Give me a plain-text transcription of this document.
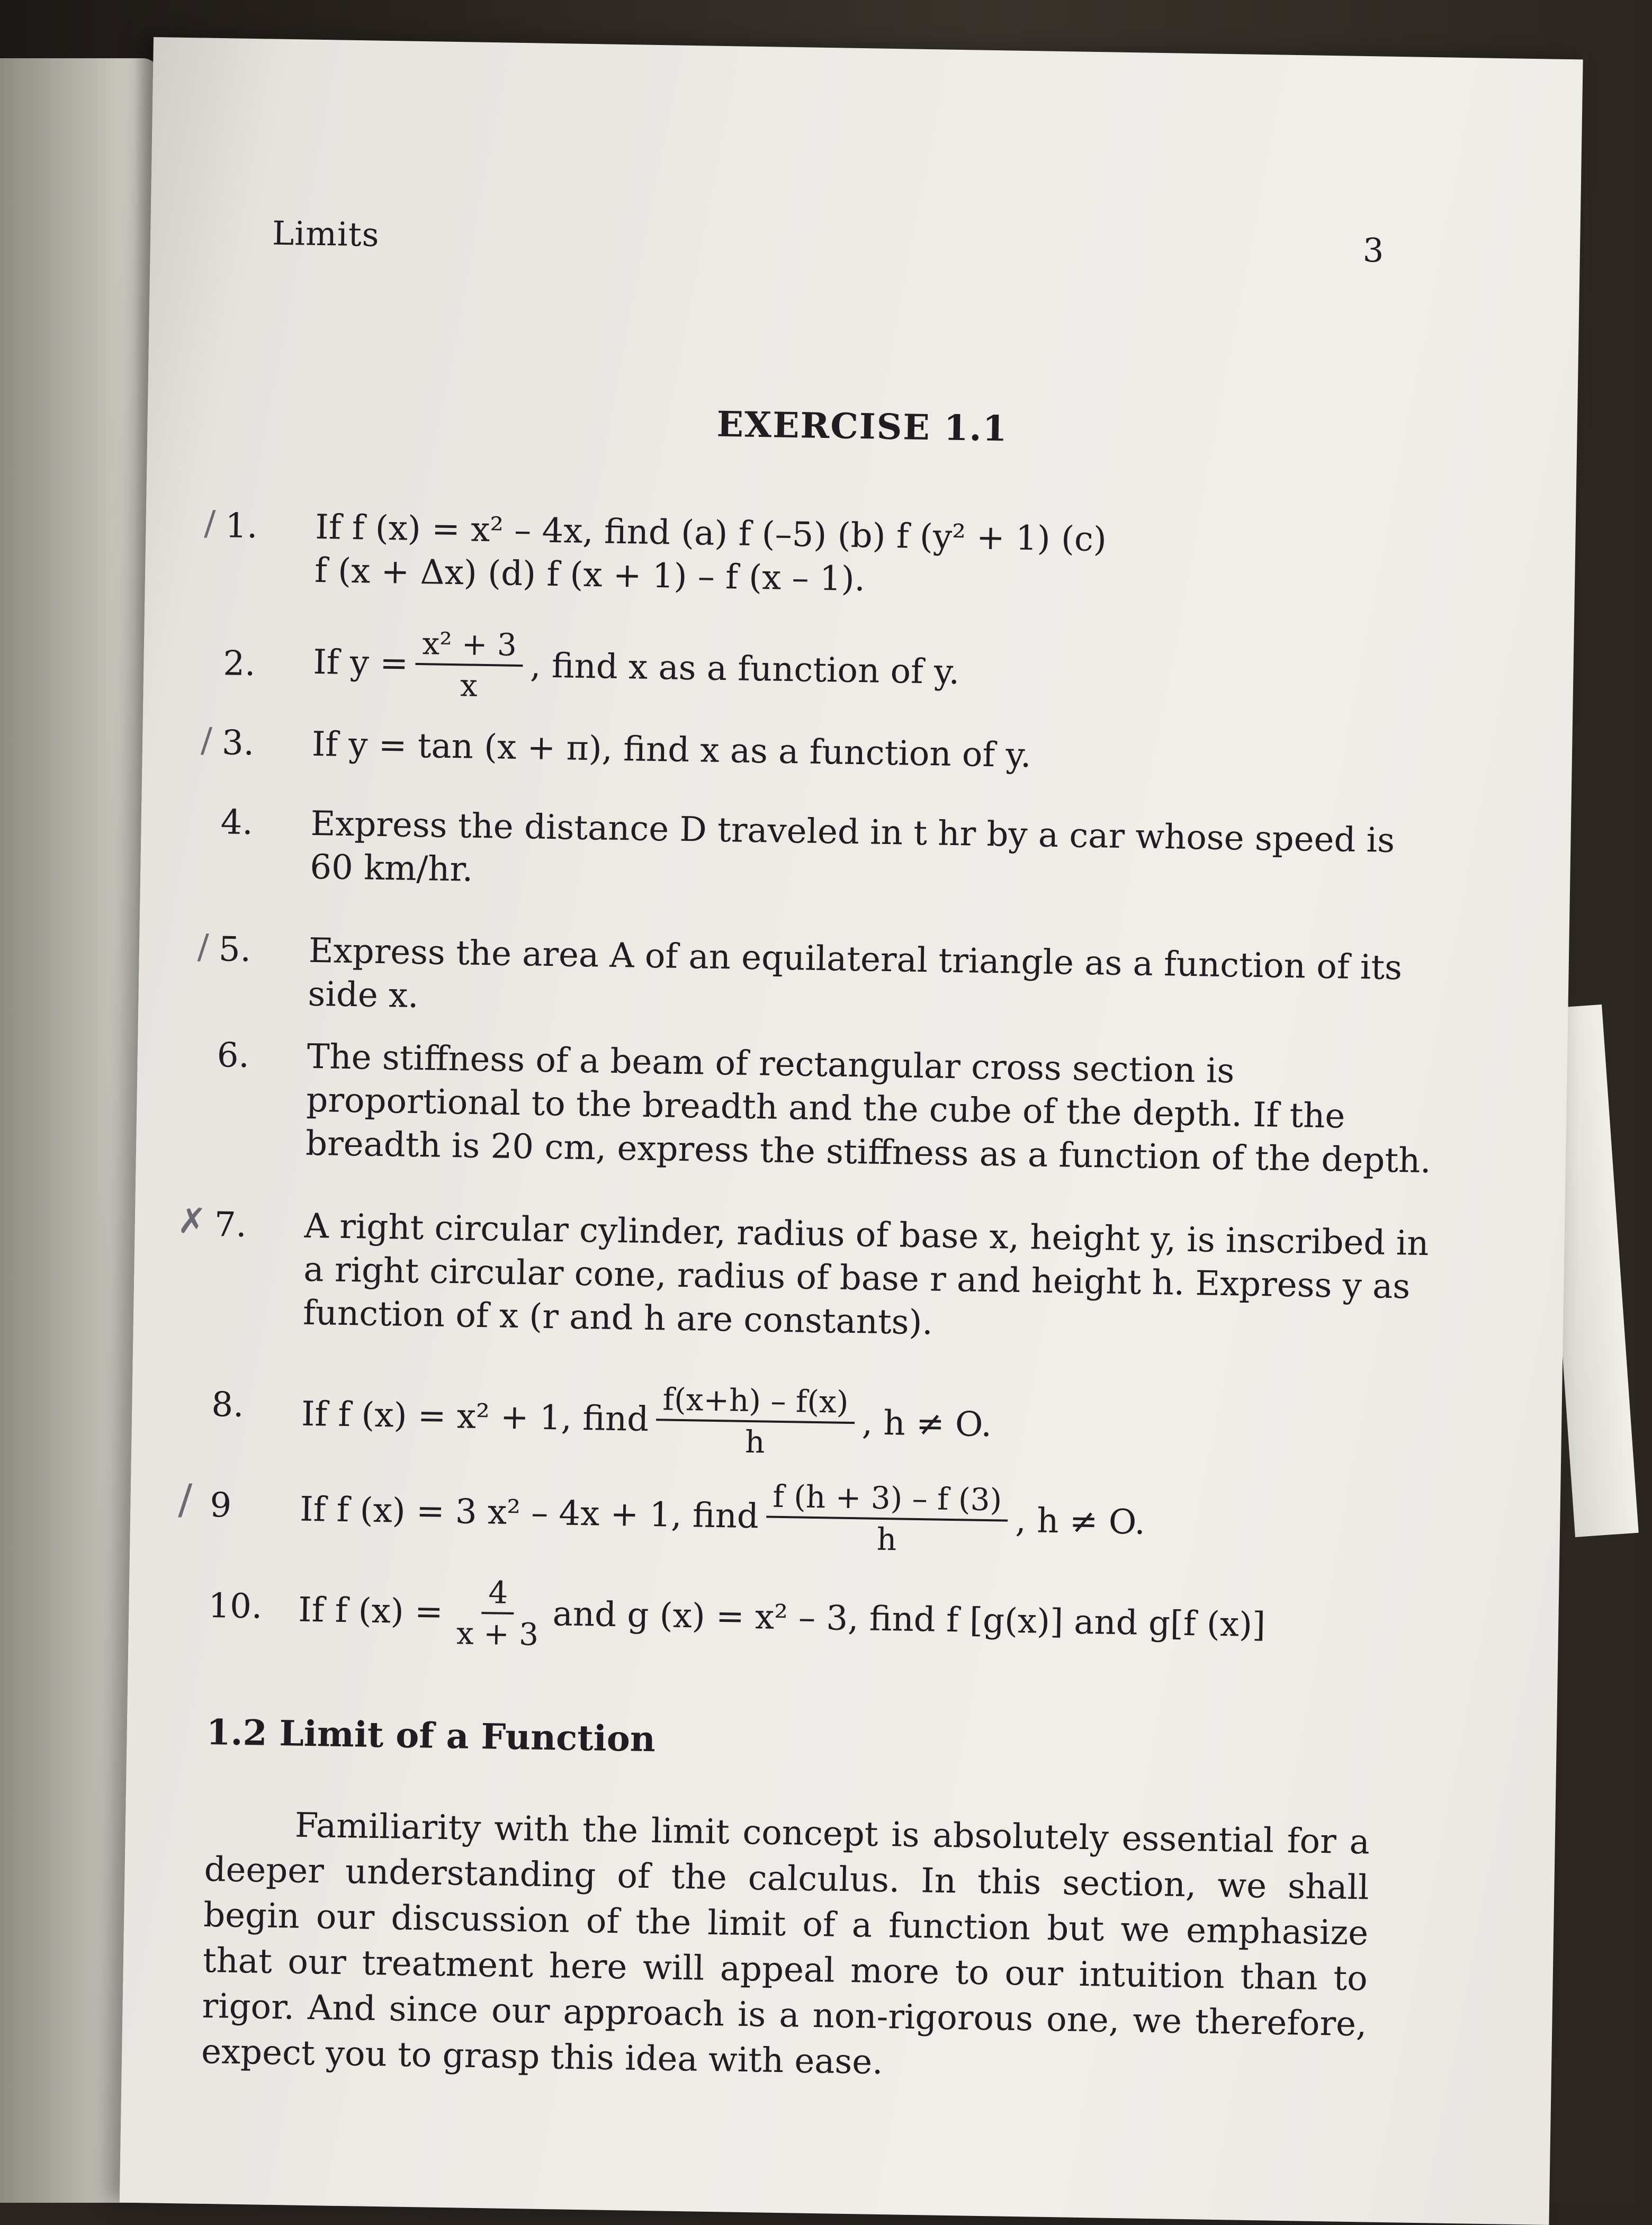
Limits	3
EXERCISE 1.1
/ 1.	If f (x) = x² – 4x, find (a) f (–5) (b) f (y² + 1) (c)
f (x + Δx) (d) f (x + 1) – f (x – 1).
2.	If $y = \frac{\text{x² + 3}}{x}$ , find x as a function of y.
/ 3.	If y = tan (x + π), find x as a function of y.
4.	Express the distance D traveled in t hr by a car whose speed is 60 km/hr.
/ 5.	Express the area A of an equilateral triangle as a function of its side x.
6.	The stiffness of a beam of rectangular cross section is proportional to the breadth and the cube of the depth. If the breadth is 20 cm, express the stiffness as a function of the depth.
✗ 7.	A right circular cylinder, radius of base x, height y, is inscribed in a right circular cone, radius of base r and height h. Express y as function of x (r and h are constants).
8.	If f (x) = x² + 1, find $\frac{f(x+h) - f(x)}{h}$ , h ≠ O.
/ 9	If f (x) = 3 x² – 4x + 1, find $\frac{f (h + 3) - f (3)}{h}$ , h ≠ O.
10.	If f $(x) = \frac{4}{x + 3}$ and g (x) = x² – 3, find f [g(x)] and g[f (x)]
1.2 Limit of a Function
Familiarity with the limit concept is absolutely essential for a deeper understanding of the calculus. In this section, we shall begin our discussion of the limit of a function but we emphasize that our treatment here will appeal more to our intuition than to rigor. And since our approach is a non-rigorous one, we therefore, expect you to grasp this idea with ease.
